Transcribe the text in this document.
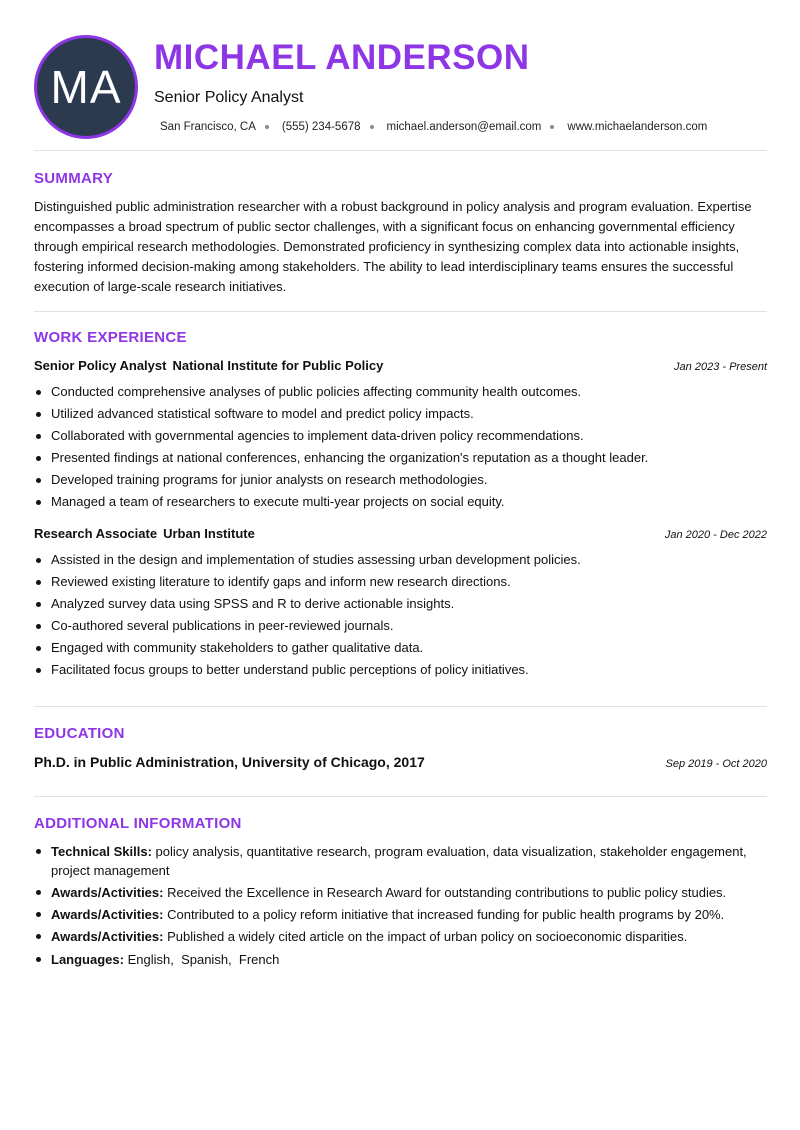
MA
MICHAEL ANDERSON
Senior Policy Analyst
San Francisco, CA (555) 234-5678 michael.anderson@email.com www.michaelanderson.com
SUMMARY

Distinguished public administration researcher with a robust background in policy analysis and program evaluation. Expertise encompasses a broad spectrum of public sector challenges, with a significant focus on enhancing governmental efficiency through empirical research methodologies. Demonstrated proficiency in synthesizing complex data into actionable insights, fostering informed decision-making among stakeholders. The ability to lead interdisciplinary teams ensures the successful execution of large-scale research initiatives.

WORK EXPERIENCE
Senior Policy Analyst National Institute for Public Policy	Jan 2023 - Present
Conducted comprehensive analyses of public policies affecting community health outcomes.
Utilized advanced statistical software to model and predict policy impacts.
Collaborated with governmental agencies to implement data-driven policy recommendations.
Presented findings at national conferences, enhancing the organization's reputation as a thought leader.
Developed training programs for junior analysts on research methodologies.
Managed a team of researchers to execute multi-year projects on social equity.
Research Associate Urban Institute	Jan 2020 - Dec 2022
Assisted in the design and implementation of studies assessing urban development policies.
Reviewed existing literature to identify gaps and inform new research directions.
Analyzed survey data using SPSS and R to derive actionable insights.
Co-authored several publications in peer-reviewed journals.
Engaged with community stakeholders to gather qualitative data.
Facilitated focus groups to better understand public perceptions of policy initiatives.
EDUCATION
Ph.D. in Public Administration, University of Chicago, 2017	Sep 2019 - Oct 2020
ADDITIONAL INFORMATION
Technical Skills: policy analysis, quantitative research, program evaluation, data visualization, stakeholder engagement, project management
Awards/Activities: Received the Excellence in Research Award for outstanding contributions to public policy studies.
Awards/Activities: Contributed to a policy reform initiative that increased funding for public health programs by 20%.
Awards/Activities: Published a widely cited article on the impact of urban policy on socioeconomic disparities.
Languages: English,  Spanish,  French
